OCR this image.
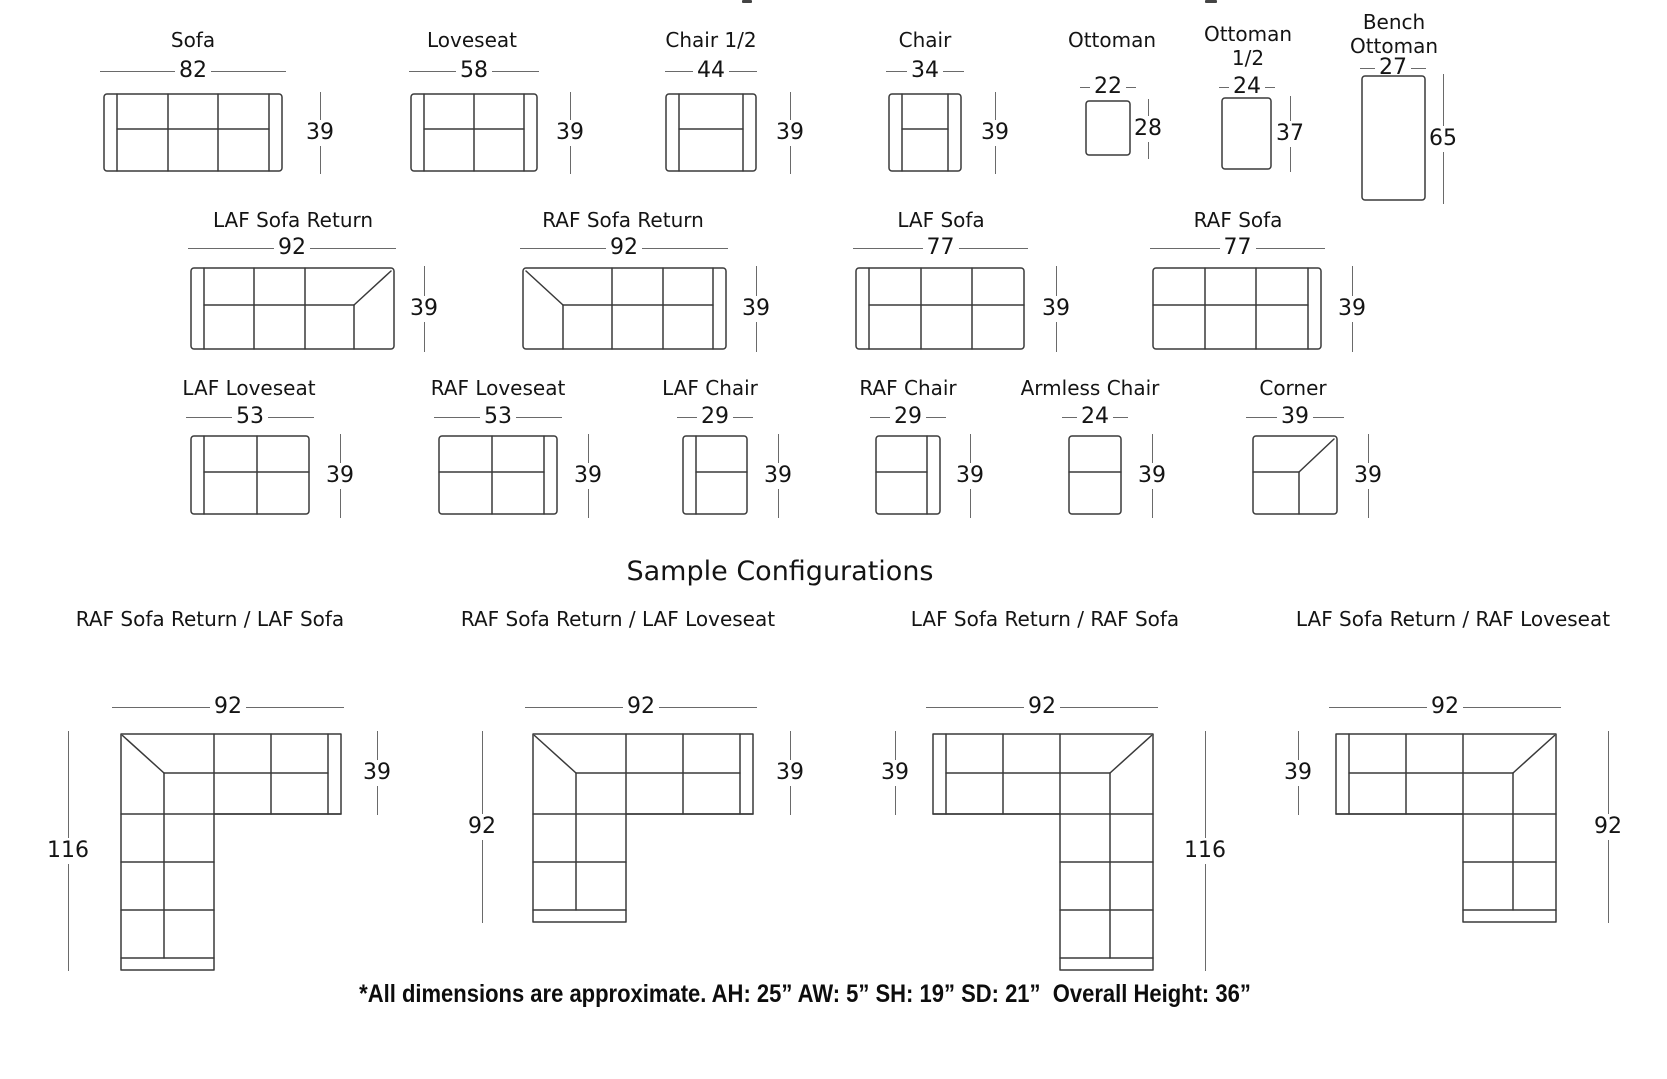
Sofa
82
39
Loveseat
58
39
Chair 1/2
44
39
Chair
34
39
Ottoman
22
28
Ottoman 1/2
24
37
Bench Ottoman
27
65
LAF Sofa Return
92
39
RAF Sofa Return
92
39
LAF Sofa
77
39
RAF Sofa
77
39
LAF Loveseat
53
39
RAF Loveseat
53
39
LAF Chair
29
39
RAF Chair
29
39
Armless Chair
24
39
Corner
39
39
Sample Configurations
RAF Sofa Return / LAF Sofa
92
116
39
RAF Sofa Return / LAF Loveseat
92
92
39
LAF Sofa Return / RAF Sofa
92
39
116
LAF Sofa Return / RAF Loveseat
92
39
92
*All dimensions are approximate. AH: 25” AW: 5” SH: 19” SD: 21”  Overall Height: 36”
